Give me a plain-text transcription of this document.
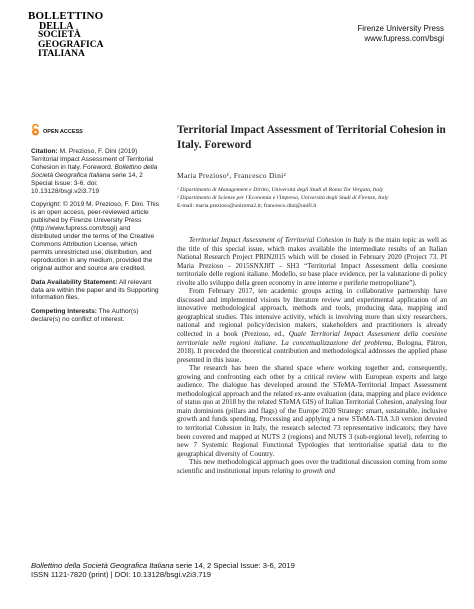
BOLLETTINO
DELLA
SOCIETÀ GEOGRAFICA
ITALIANA
Firenze University Press
www.fupress.com/bsgi
OPEN ACCESS

Citation: M. Prezioso, F. Dini (2019) Territorial Impact Assessment of Territorial Cohesion in Italy. Foreword. Bollettino della Società Geografica Italiana serie 14, 2 Special Issue: 3-6. doi: 10.13128/bsgi.v2i3.719

Copyright: © 2019 M. Prezioso, F. Dini. This is an open access, peer-reviewed article published by Firenze University Press (http://www.fupress.com/bsgi) and distributed under the terms of the Creative Commons Attribution License, which permits unrestricted use, distribution, and reproduction in any medium, provided the original author and source are credited.

Data Availability Statement: All relevant data are within the paper and its Supporting Information files.

Competing Interests: The Author(s) declare(s) no conflict of interest.

Territorial Impact Assessment of Territorial Cohesion in Italy. Foreword
Maria Prezioso¹, Francesco Dini²
¹ Dipartimento di Management e Diritto, Università degli Studi di Roma Tor Vergata, Italy
² Dipartimento di Scienze per l'Economia e l'Impresa, Università degli Studi di Firenze, Italy
E-mail: maria.prezioso@uniroma2.it; francesco.dini@unifi.it

Territorial Impact Assessment of Territorial Cohesion in Italy is the main topic as well as the title of this special issue, which makes available the intermediate results of an Italian National Research Project PRIN2015 which will be closed in February 2020 (Project 73. PI Maria Prezioso - 2015SNXJ8T - SH3 “Territorial Impact Assessment della coesione territoriale delle regioni italiane. Modello, su base place evidence, per la valutazione di policy rivolte allo sviluppo della green economy in aree interne e periferie metropolitane”).

From February 2017, ten academic groups acting in collaborative partnership have discussed and implemented visions by literature review and experimental application of an innovative methodological approach, methods and tools, producing data, mapping and geographical studies. This intensive activity, which is involving more than sixty researchers, national and regional policy/decision makers, stakeholders and practitioners is already collected in a book (Prezioso, ed., Quale Territorial Impact Assessment della coesione territoriale nelle regioni italiane. La concettualizzazione del problema, Bologna, Pàtron, 2018). It preceded the theoretical contribution and methodological addresses the applied phase presented in this issue.

The research has been the shared space where working together and, consequently, growing and confronting each other by a critical review with European experts and large audience. The dialogue has developed around the STeMA-Territorial Impact Assessment methodological approach and the related ex-ante evaluation (data, mapping and place evidence of status quo at 2018 by the related STeMA GIS) of Italian Territorial Cohesion, analysing four main dominions (pillars and flags) of the Europe 2020 Strategy: smart, sustainable, inclusive growth and funds spending. Processing and applying a new STeMA-TIA 3.0 version devoted to territorial Cohesion in Italy, the research selected 73 representative indicators; they have been covered and mapped at NUTS 2 (regions) and NUTS 3 (sub-regional level), referring to new 7 Systemic Regional Functional Typologies that territorialise spatial data to the geographical diversity of Country.

This new methodological approach goes over the traditional discussion coming from some scientific and institutional inputs relating to growth and

Bollettino della Società Geografica Italiana serie 14, 2 Special Issue: 3-6, 2019
ISSN 1121-7820 (print) | DOI: 10.13128/bsgi.v2i3.719
